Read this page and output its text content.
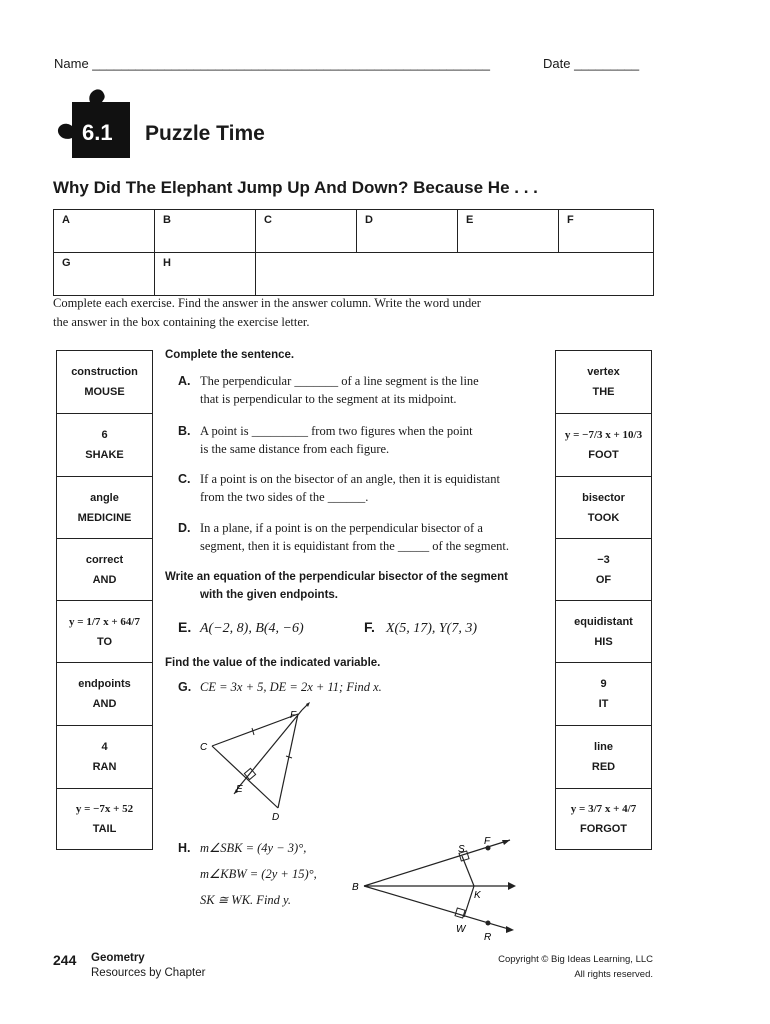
Name _______________________________________________________	Date _________
6.1 Puzzle Time
Why Did The Elephant Jump Up And Down? Because He . . .
A	B	C	D	E	F
G	H				
Complete each exercise. Find the answer in the answer column. Write the word under
the answer in the box containing the exercise letter.
construction
MOUSE
6
SHAKE
angle
MEDICINE
correct
AND
y = 1/7 x + 64/7
TO
endpoints
AND
4
RAN
y = −7x + 52
TAIL
vertex
THE
y = −7/3 x + 10/3
FOOT
bisector
TOOK
−3
OF
equidistant
HIS
9
IT
line
RED
y = 3/7 x + 4/7
FORGOT
Complete the sentence.
A. The perpendicular _______ of a line segment is the line
that is perpendicular to the segment at its midpoint.
B. A point is _________ from two figures when the point
is the same distance from each figure.
C. If a point is on the bisector of an angle, then it is equidistant
from the two sides of the ______.
D. In a plane, if a point is on the perpendicular bisector of a
segment, then it is equidistant from the _____ of the segment.
Write an equation of the perpendicular bisector of the segment
with the given endpoints.
E. A(−2, 8), B(4, −6)	F. X(5, 17), Y(7, 3)
Find the value of the indicated variable.
G. CE = 3x + 5, DE = 2x + 11; Find x.
F
C
E
D
H. m∠SBK = (4y − 3)°,
m∠KBW = (2y + 15)°,
SK ≅ WK. Find y.
F
S
B
K
W
R
244 Geometry
Resources by Chapter
Copyright © Big Ideas Learning, LLC
All rights reserved.
